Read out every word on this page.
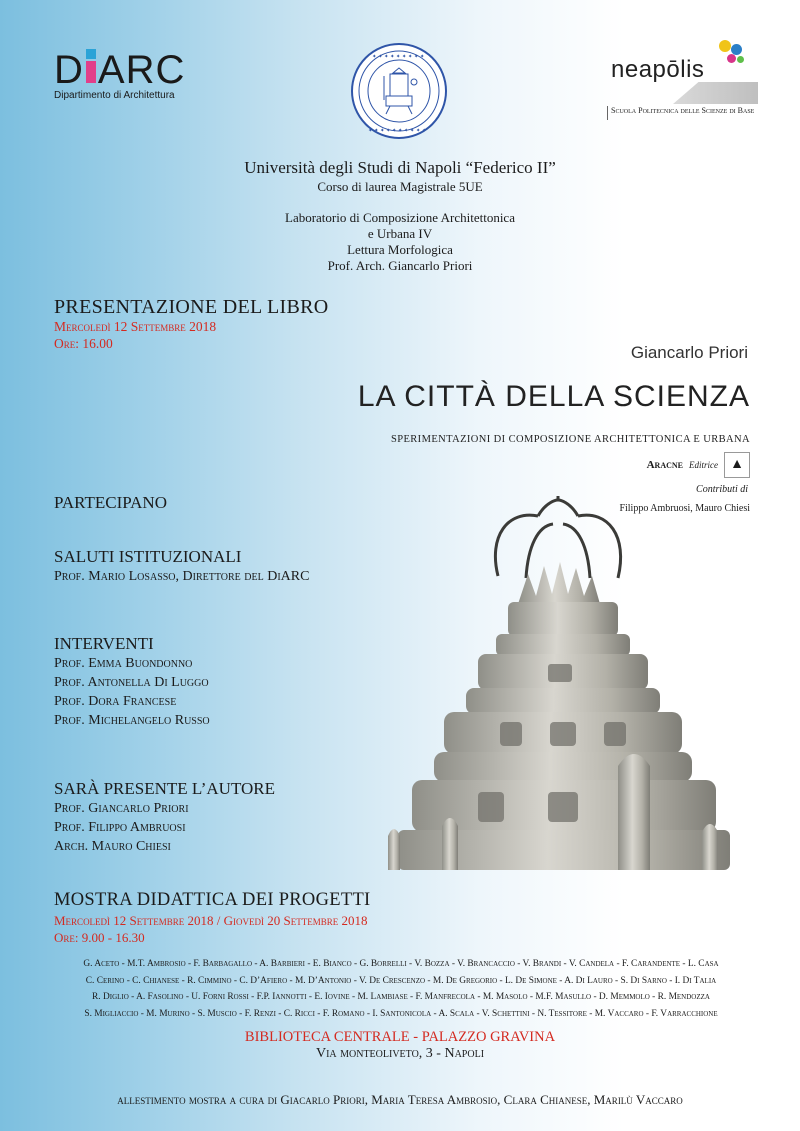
D ARC
Dipartimento di Architettura
✦ ✦ ✦ ✦ ✦ ✦ ✦ ✦ ✦
✦ ✦ ✦ ✦ ✦ ✦ ✦ ✦ ✦ ✦
neapōlis
Scuola Politecnica delle Scienze di Base
Università degli Studi di Napoli “Federico II”
Corso di laurea Magistrale 5UE
Laboratorio di Composizione Architettonica
e Urbana IV
Lettura Morfologica
Prof. Arch. Giancarlo Priori
PRESENTAZIONE DEL LIBRO
Mercoledì 12 Settembre 2018
Ore: 16.00	Giancarlo Priori
LA CITTÀ DELLA SCIENZA
SPERIMENTAZIONI DI COMPOSIZIONE ARCHITETTONICA E URBANA
Aracne Editrice ▲
Contributi di
Filippo Ambruosi, Mauro Chiesi
PARTECIPANO
SALUTI ISTITUZIONALI
Prof. Mario Losasso, Direttore del DiARC
INTERVENTI
Prof. Emma Buondonno
Prof. Antonella Di Luggo
Prof. Dora Francese
Prof. Michelangelo Russo
SARÀ PRESENTE L’AUTORE
Prof. Giancarlo Priori
Prof. Filippo Ambruosi
Arch. Mauro Chiesi
MOSTRA DIDATTICA DEI PROGETTI
Mercoledì 12 Settembre 2018 / Giovedì 20 Settembre 2018
Ore: 9.00 - 16.30
G. Aceto - M.T. Ambrosio - F. Barbagallo - A. Barbieri - E. Bianco - G. Borrelli - V. Bozza - V. Brancaccio - V. Brandi - V. Candela - F. Carandente - L. Casa
C. Cerino - C. Chianese - R. Cimmino - C. D’Afiero - M. D’Antonio - V. De Crescenzo - M. De Gregorio - L. De Simone - A. Di Lauro - S. Di Sarno - I. Di Talia
R. Diglio - A. Fasolino - U. Forni Rossi - F.P. Iannotti - E. Iovine - M. Lambiase - F. Manfrecola - M. Masolo - M.F. Masullo - D. Memmolo - R. Mendozza
S. Migliaccio - M. Murino - S. Muscio - F. Renzi - C. Ricci - F. Romano - I. Santonicola - A. Scala - V. Schettini - N. Tessitore - M. Vaccaro - F. Varracchione
BIBLIOTECA CENTRALE - PALAZZO GRAVINA
Via monteoliveto, 3 - Napoli
allestimento mostra a cura di Giacarlo Priori, Maria Teresa Ambrosio, Clara Chianese, Marilù Vaccaro
